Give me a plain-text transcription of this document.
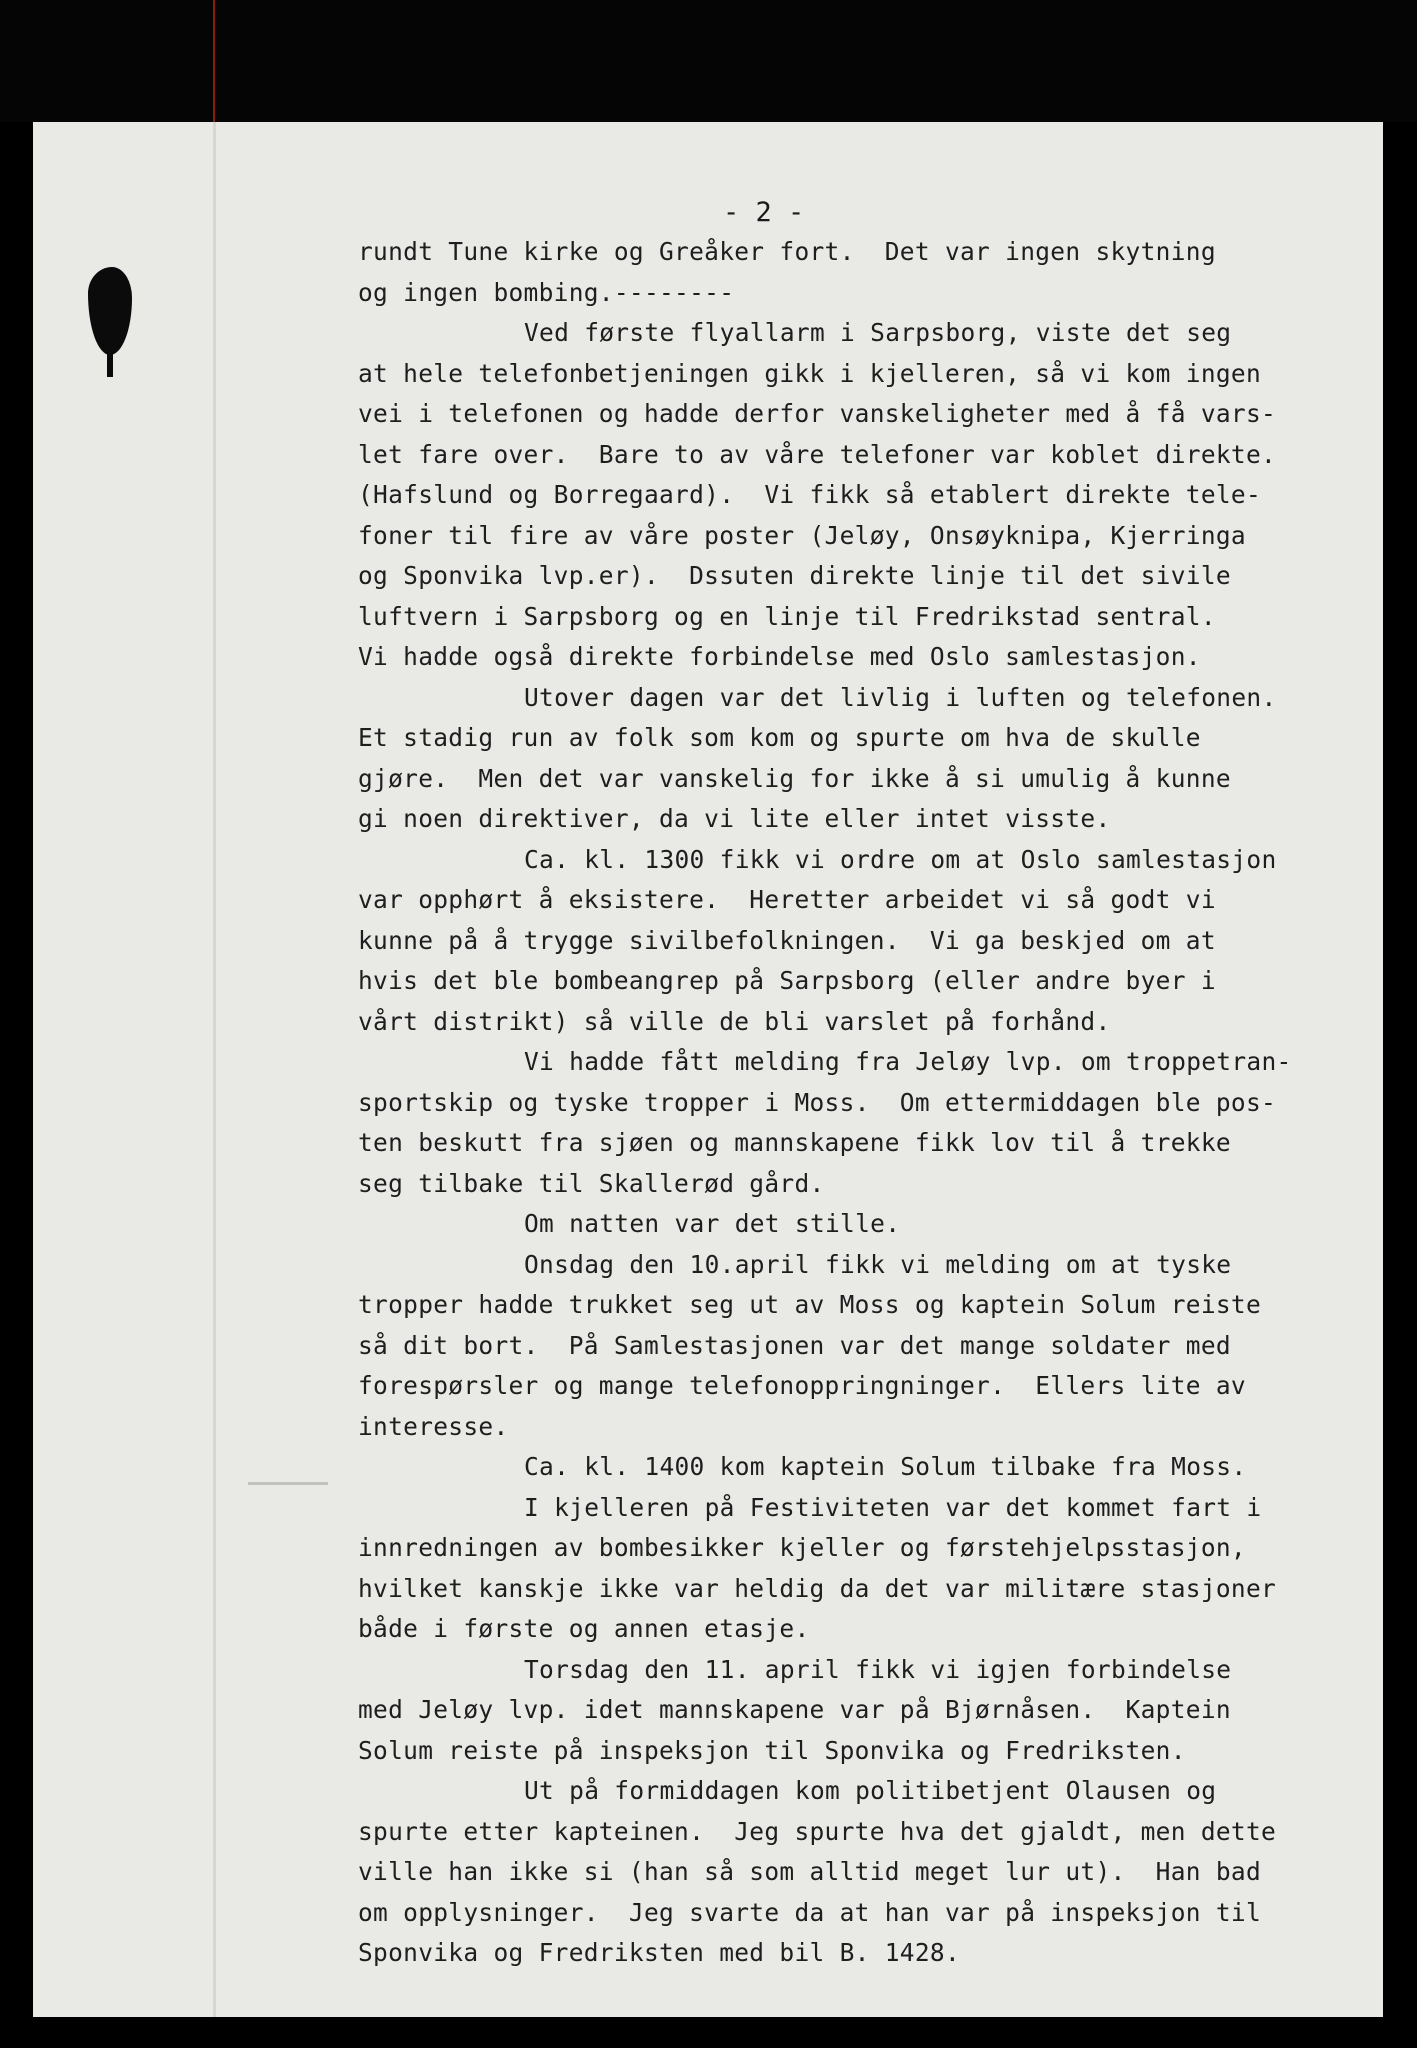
- 2 -
rundt Tune kirke og Greåker fort.  Det var ingen skytning
og ingen bombing.--------
Ved første flyallarm i Sarpsborg, viste det seg
at hele telefonbetjeningen gikk i kjelleren, så vi kom ingen
vei i telefonen og hadde derfor vanskeligheter med å få vars-
let fare over.  Bare to av våre telefoner var koblet direkte.
(Hafslund og Borregaard).  Vi fikk så etablert direkte tele-
foner til fire av våre poster (Jeløy, Onsøyknipa, Kjerringa
og Sponvika lvp.er).  Dssuten direkte linje til det sivile
luftvern i Sarpsborg og en linje til Fredrikstad sentral.
Vi hadde også direkte forbindelse med Oslo samlestasjon.
Utover dagen var det livlig i luften og telefonen.
Et stadig run av folk som kom og spurte om hva de skulle
gjøre.  Men det var vanskelig for ikke å si umulig å kunne
gi noen direktiver, da vi lite eller intet visste.
Ca. kl. 1300 fikk vi ordre om at Oslo samlestasjon
var opphørt å eksistere.  Heretter arbeidet vi så godt vi
kunne på å trygge sivilbefolkningen.  Vi ga beskjed om at
hvis det ble bombeangrep på Sarpsborg (eller andre byer i
vårt distrikt) så ville de bli varslet på forhånd.
Vi hadde fått melding fra Jeløy lvp. om troppetran-
sportskip og tyske tropper i Moss.  Om ettermiddagen ble pos-
ten beskutt fra sjøen og mannskapene fikk lov til å trekke
seg tilbake til Skallerød gård.
Om natten var det stille.
Onsdag den 10.april fikk vi melding om at tyske
tropper hadde trukket seg ut av Moss og kaptein Solum reiste
så dit bort.  På Samlestasjonen var det mange soldater med
forespørsler og mange telefonoppringninger.  Ellers lite av
interesse.
Ca. kl. 1400 kom kaptein Solum tilbake fra Moss.
I kjelleren på Festiviteten var det kommet fart i
innredningen av bombesikker kjeller og førstehjelpsstasjon,
hvilket kanskje ikke var heldig da det var militære stasjoner
både i første og annen etasje.
Torsdag den 11. april fikk vi igjen forbindelse
med Jeløy lvp. idet mannskapene var på Bjørnåsen.  Kaptein
Solum reiste på inspeksjon til Sponvika og Fredriksten.
Ut på formiddagen kom politibetjent Olausen og
spurte etter kapteinen.  Jeg spurte hva det gjaldt, men dette
ville han ikke si (han så som alltid meget lur ut).  Han bad
om opplysninger.  Jeg svarte da at han var på inspeksjon til
Sponvika og Fredriksten med bil B. 1428.
